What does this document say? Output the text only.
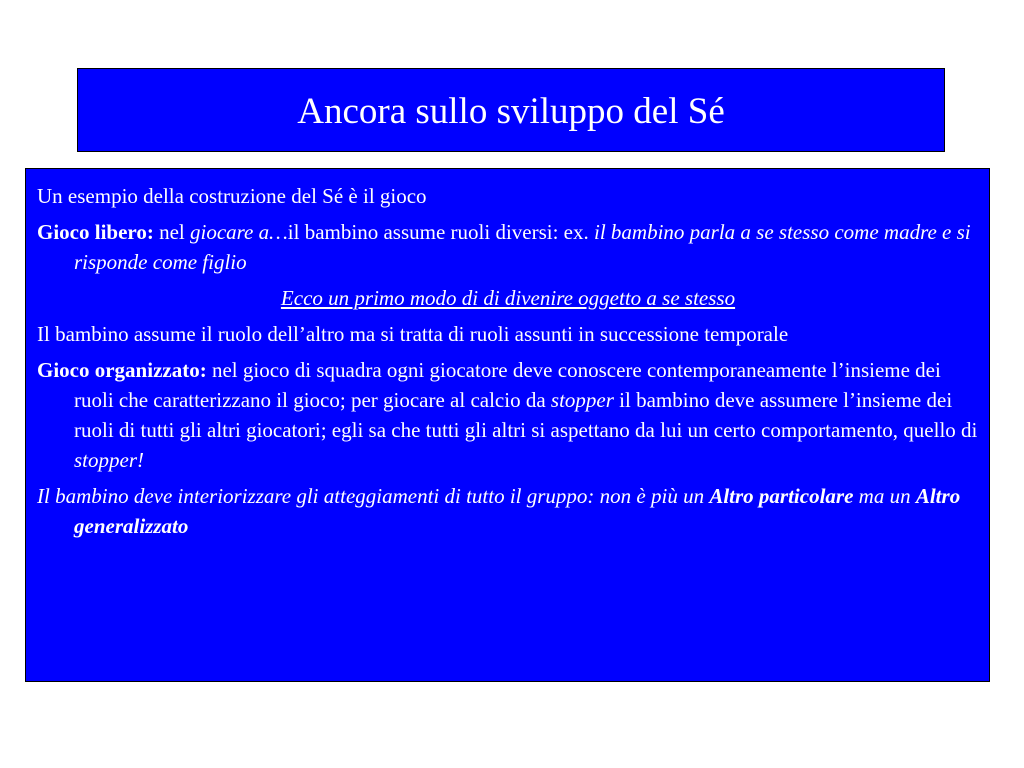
Ancora sullo sviluppo del Sé

Un esempio della costruzione del Sé è il gioco

Gioco libero: nel giocare a…il bambino assume ruoli diversi: ex. il bambino parla a se stesso come madre e si risponde come figlio

Ecco un primo modo di di divenire oggetto a se stesso

Il bambino assume il ruolo dell’altro ma si tratta di ruoli assunti in successione temporale

Gioco organizzato: nel gioco di squadra ogni giocatore deve conoscere contemporaneamente l’insieme dei ruoli che caratterizzano il gioco; per giocare al calcio da stopper il bambino deve assumere l’insieme dei ruoli di tutti gli altri giocatori; egli sa che tutti gli altri si aspettano da lui un certo comportamento, quello di stopper!

Il bambino deve interiorizzare gli atteggiamenti di tutto il gruppo: non è più un Altro particolare ma un Altro generalizzato
